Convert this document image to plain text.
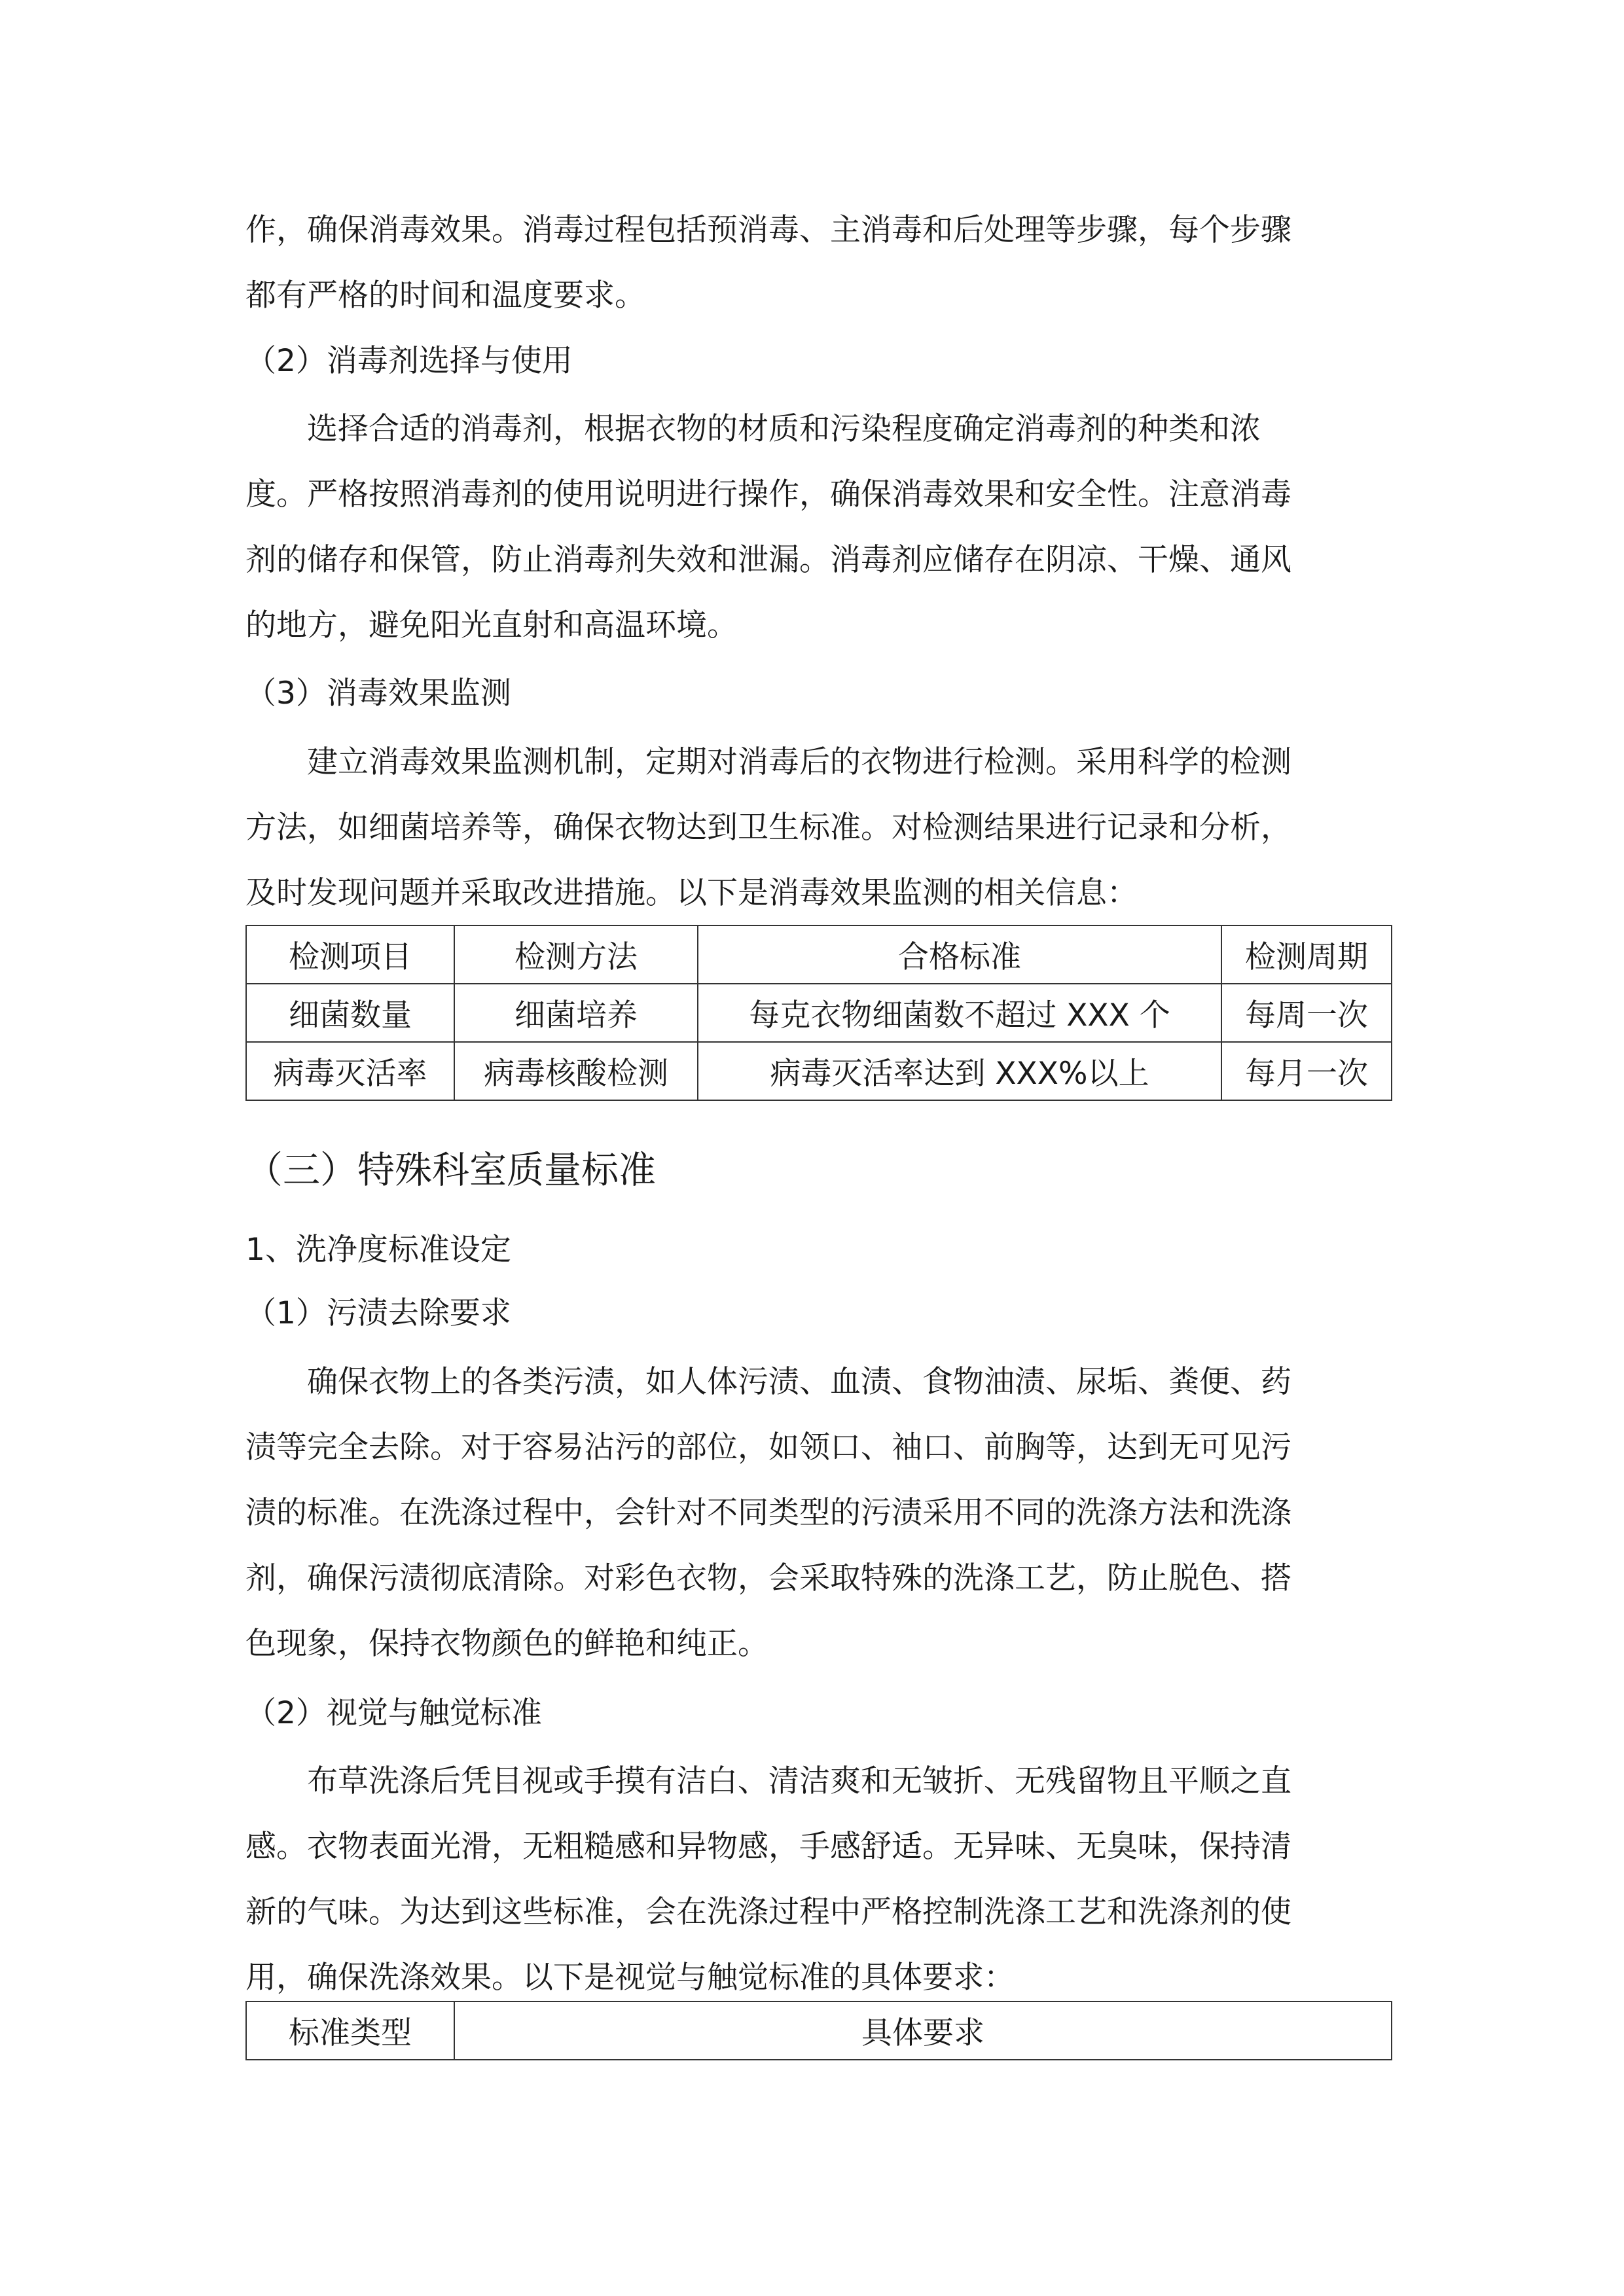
作，确保消毒效果。消毒过程包括预消毒、主消毒和后处理等步骤，每个步骤
都有严格的时间和温度要求。
（2）消毒剂选择与使用
选择合适的消毒剂，根据衣物的材质和污染程度确定消毒剂的种类和浓
度。严格按照消毒剂的使用说明进行操作，确保消毒效果和安全性。注意消毒
剂的储存和保管，防止消毒剂失效和泄漏。消毒剂应储存在阴凉、干燥、通风
的地方，避免阳光直射和高温环境。
（3）消毒效果监测
建立消毒效果监测机制，定期对消毒后的衣物进行检测。采用科学的检测
方法，如细菌培养等，确保衣物达到卫生标准。对检测结果进行记录和分析，
及时发现问题并采取改进措施。以下是消毒效果监测的相关信息：
检测项目	检测方法	合格标准	检测周期
细菌数量	细菌培养	每克衣物细菌数不超过 XXX 个	每周一次
病毒灭活率	病毒核酸检测	病毒灭活率达到 XXX%以上	每月一次
（三）特殊科室质量标准
1、洗净度标准设定
（1）污渍去除要求
确保衣物上的各类污渍，如人体污渍、血渍、食物油渍、尿垢、粪便、药
渍等完全去除。对于容易沾污的部位，如领口、袖口、前胸等，达到无可见污
渍的标准。在洗涤过程中，会针对不同类型的污渍采用不同的洗涤方法和洗涤
剂，确保污渍彻底清除。对彩色衣物，会采取特殊的洗涤工艺，防止脱色、搭
色现象，保持衣物颜色的鲜艳和纯正。
（2）视觉与触觉标准
布草洗涤后凭目视或手摸有洁白、清洁爽和无皱折、无残留物且平顺之直
感。衣物表面光滑，无粗糙感和异物感，手感舒适。无异味、无臭味，保持清
新的气味。为达到这些标准，会在洗涤过程中严格控制洗涤工艺和洗涤剂的使
用，确保洗涤效果。以下是视觉与触觉标准的具体要求：
标准类型	具体要求
